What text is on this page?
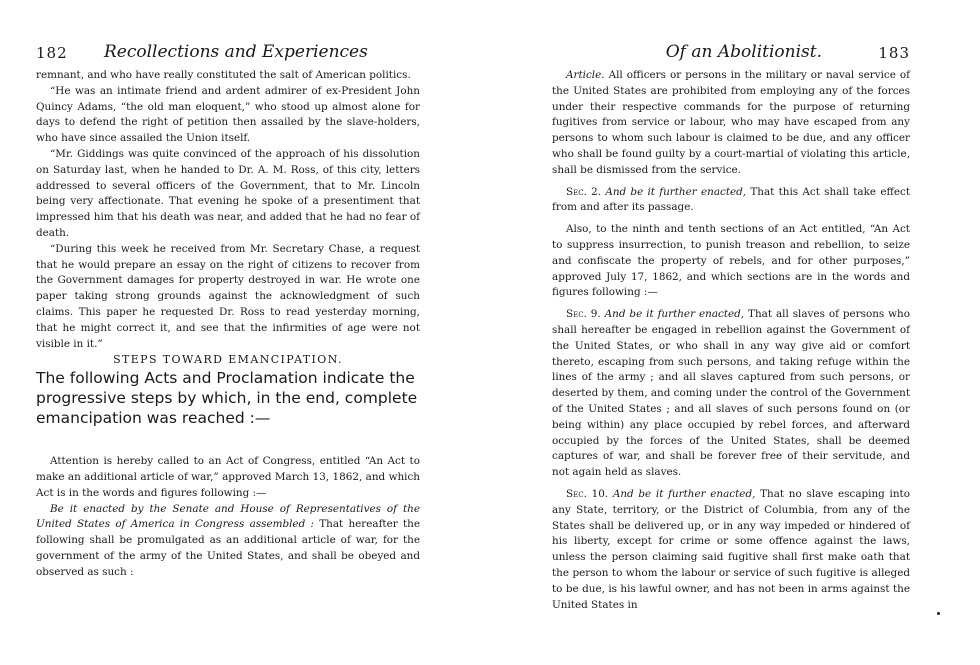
182 Recollections and Experiences

remnant, and who have really constituted the salt of American politics.

“He was an intimate friend and ardent admirer of ex-President John Quincy Adams, “the old man eloquent,” who stood up almost alone for days to defend the right of petition then assailed by the slave-holders, who have since assailed the Union itself.

“Mr. Giddings was quite convinced of the approach of his dissolution on Saturday last, when he handed to Dr. A. M. Ross, of this city, letters addressed to several officers of the Government, that to Mr. Lincoln being very affectionate. That evening he spoke of a presentiment that impressed him that his death was near, and added that he had no fear of death.

“During this week he received from Mr. Secretary Chase, a request that he would prepare an essay on the right of citizens to recover from the Government damages for property destroyed in war. He wrote one paper taking strong grounds against the acknowledgment of such claims. This paper he requested Dr. Ross to read yesterday morning, that he might correct it, and see that the infirmities of age were not visible in it.”

STEPS TOWARD EMANCIPATION.

The following Acts and Proclamation indicate the progressive steps by which, in the end, complete emancipation was reached :—

Attention is hereby called to an Act of Congress, entitled “An Act to make an additional article of war,” approved March 13, 1862, and which Act is in the words and figures following :—

Be it enacted by the Senate and House of Representatives of the United States of America in Congress assembled : That hereafter the following shall be promulgated as an additional article of war, for the government of the army of the United States, and shall be obeyed and observed as such :

Of an Abolitionist.	183

Article. All officers or persons in the military or naval service of the United States are prohibited from employing any of the forces under their respective commands for the purpose of returning fugitives from service or labour, who may have escaped from any persons to whom such labour is claimed to be due, and any officer who shall be found guilty by a court-martial of violating this article, shall be dismissed from the service.

Sec. 2. And be it further enacted, That this Act shall take effect from and after its passage.

Also, to the ninth and tenth sections of an Act entitled, “An Act to suppress insurrection, to punish treason and rebellion, to seize and confiscate the property of rebels, and for other purposes,” approved July 17, 1862, and which sections are in the words and figures following :—

Sec. 9. And be it further enacted, That all slaves of persons who shall hereafter be engaged in rebellion against the Government of the United States, or who shall in any way give aid or comfort thereto, escaping from such persons, and taking refuge within the lines of the army ; and all slaves captured from such persons, or deserted by them, and coming under the control of the Government of the United States ; and all slaves of such persons found on (or being within) any place occupied by rebel forces, and afterward occupied by the forces of the United States, shall be deemed captures of war, and shall be forever free of their servitude, and not again held as slaves.

Sec. 10. And be it further enacted, That no slave escaping into any State, territory, or the District of Columbia, from any of the States shall be delivered up, or in any way impeded or hindered of his liberty, except for crime or some offence against the laws, unless the person claiming said fugitive shall first make oath that the person to whom the labour or service of such fugitive is alleged to be due, is his lawful owner, and has not been in arms against the United States in
